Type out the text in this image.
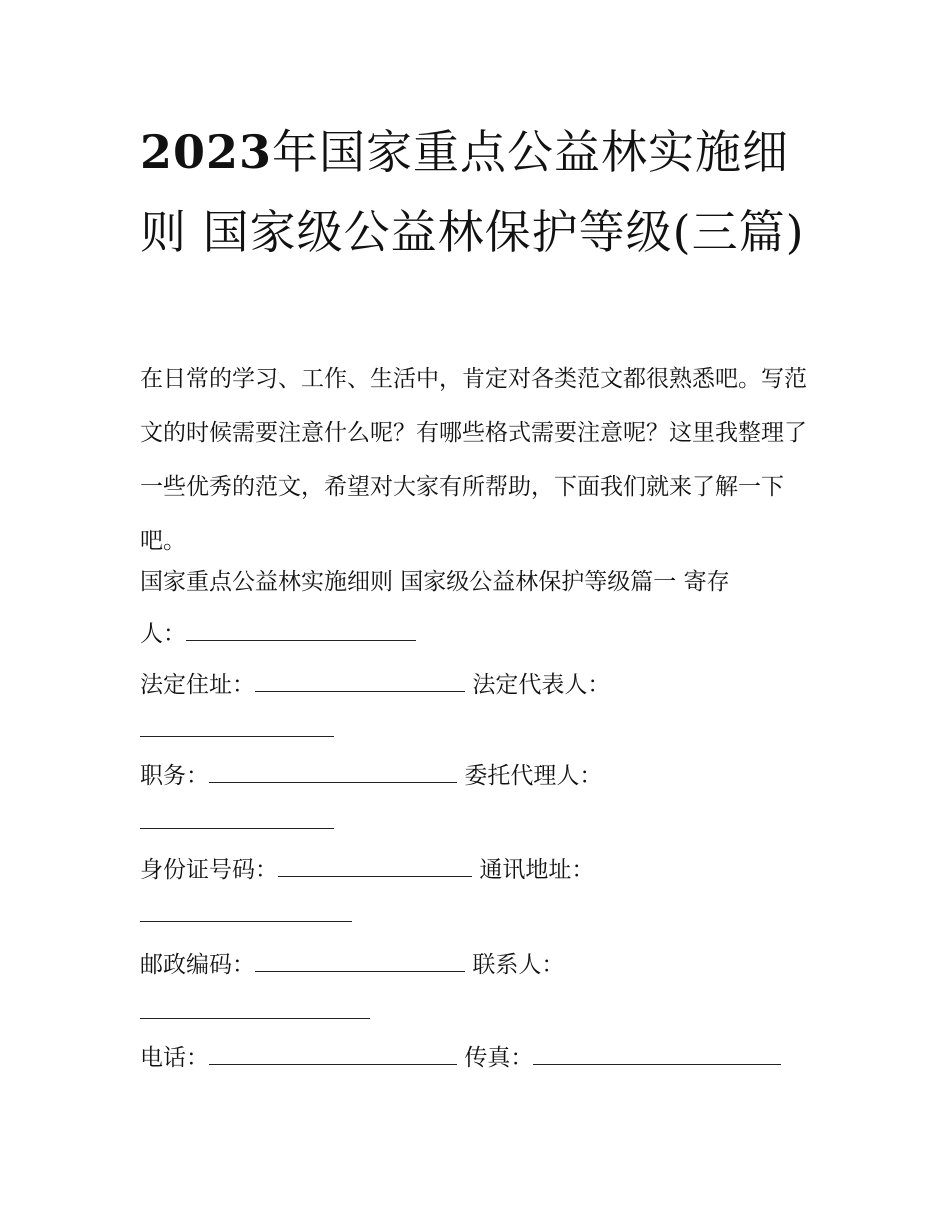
2023年国家重点公益林实施细则 国家级公益林保护等级(三篇)

在日常的学习、工作、生活中，肯定对各类范文都很熟悉吧。写范文的时候需要注意什么呢？有哪些格式需要注意呢？这里我整理了一些优秀的范文，希望对大家有所帮助，下面我们就来了解一下吧。

国家重点公益林实施细则 国家级公益林保护等级篇一 寄存
人：
法定住址：	法定代表人：
职务：	委托代理人：
身份证号码：	通讯地址：
邮政编码：	联系人：
电话：	传真：
